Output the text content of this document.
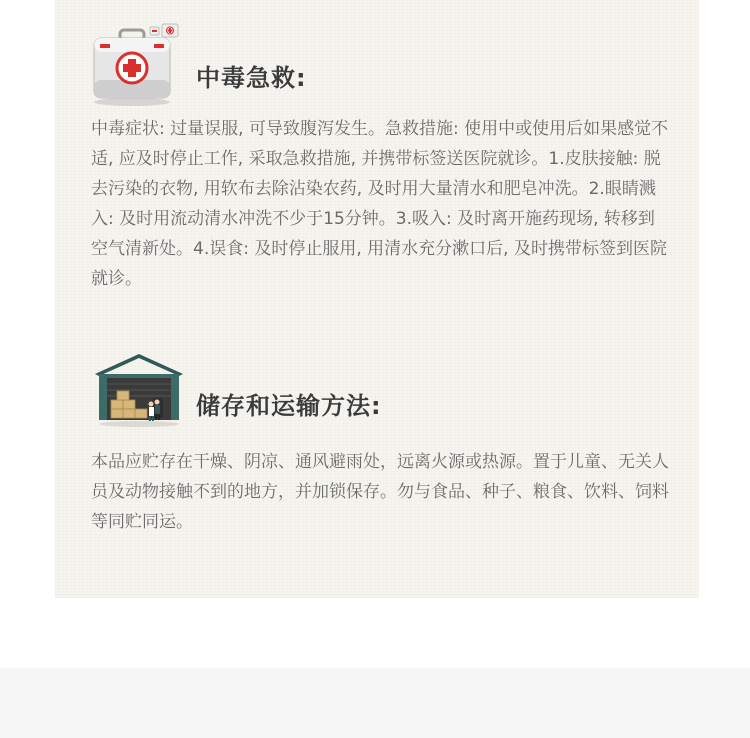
中毒急救:

中毒症状: 过量误服, 可导致腹泻发生。急救措施: 使用中或使用后如果感觉不适, 应及时停止工作, 采取急救措施, 并携带标签送医院就诊。1.皮肤接触: 脱去污染的衣物, 用软布去除沾染农药, 及时用大量清水和肥皂冲洗。2.眼睛溅入: 及时用流动清水冲洗不少于15分钟。3.吸入: 及时离开施药现场, 转移到空气清新处。4.误食: 及时停止服用, 用清水充分漱口后, 及时携带标签到医院就诊。

储存和运输方法:

本品应贮存在干燥、阴凉、通风避雨处，远离火源或热源。置于儿童、无关人员及动物接触不到的地方，并加锁保存。勿与食品、种子、粮食、饮料、饲料等同贮同运。
